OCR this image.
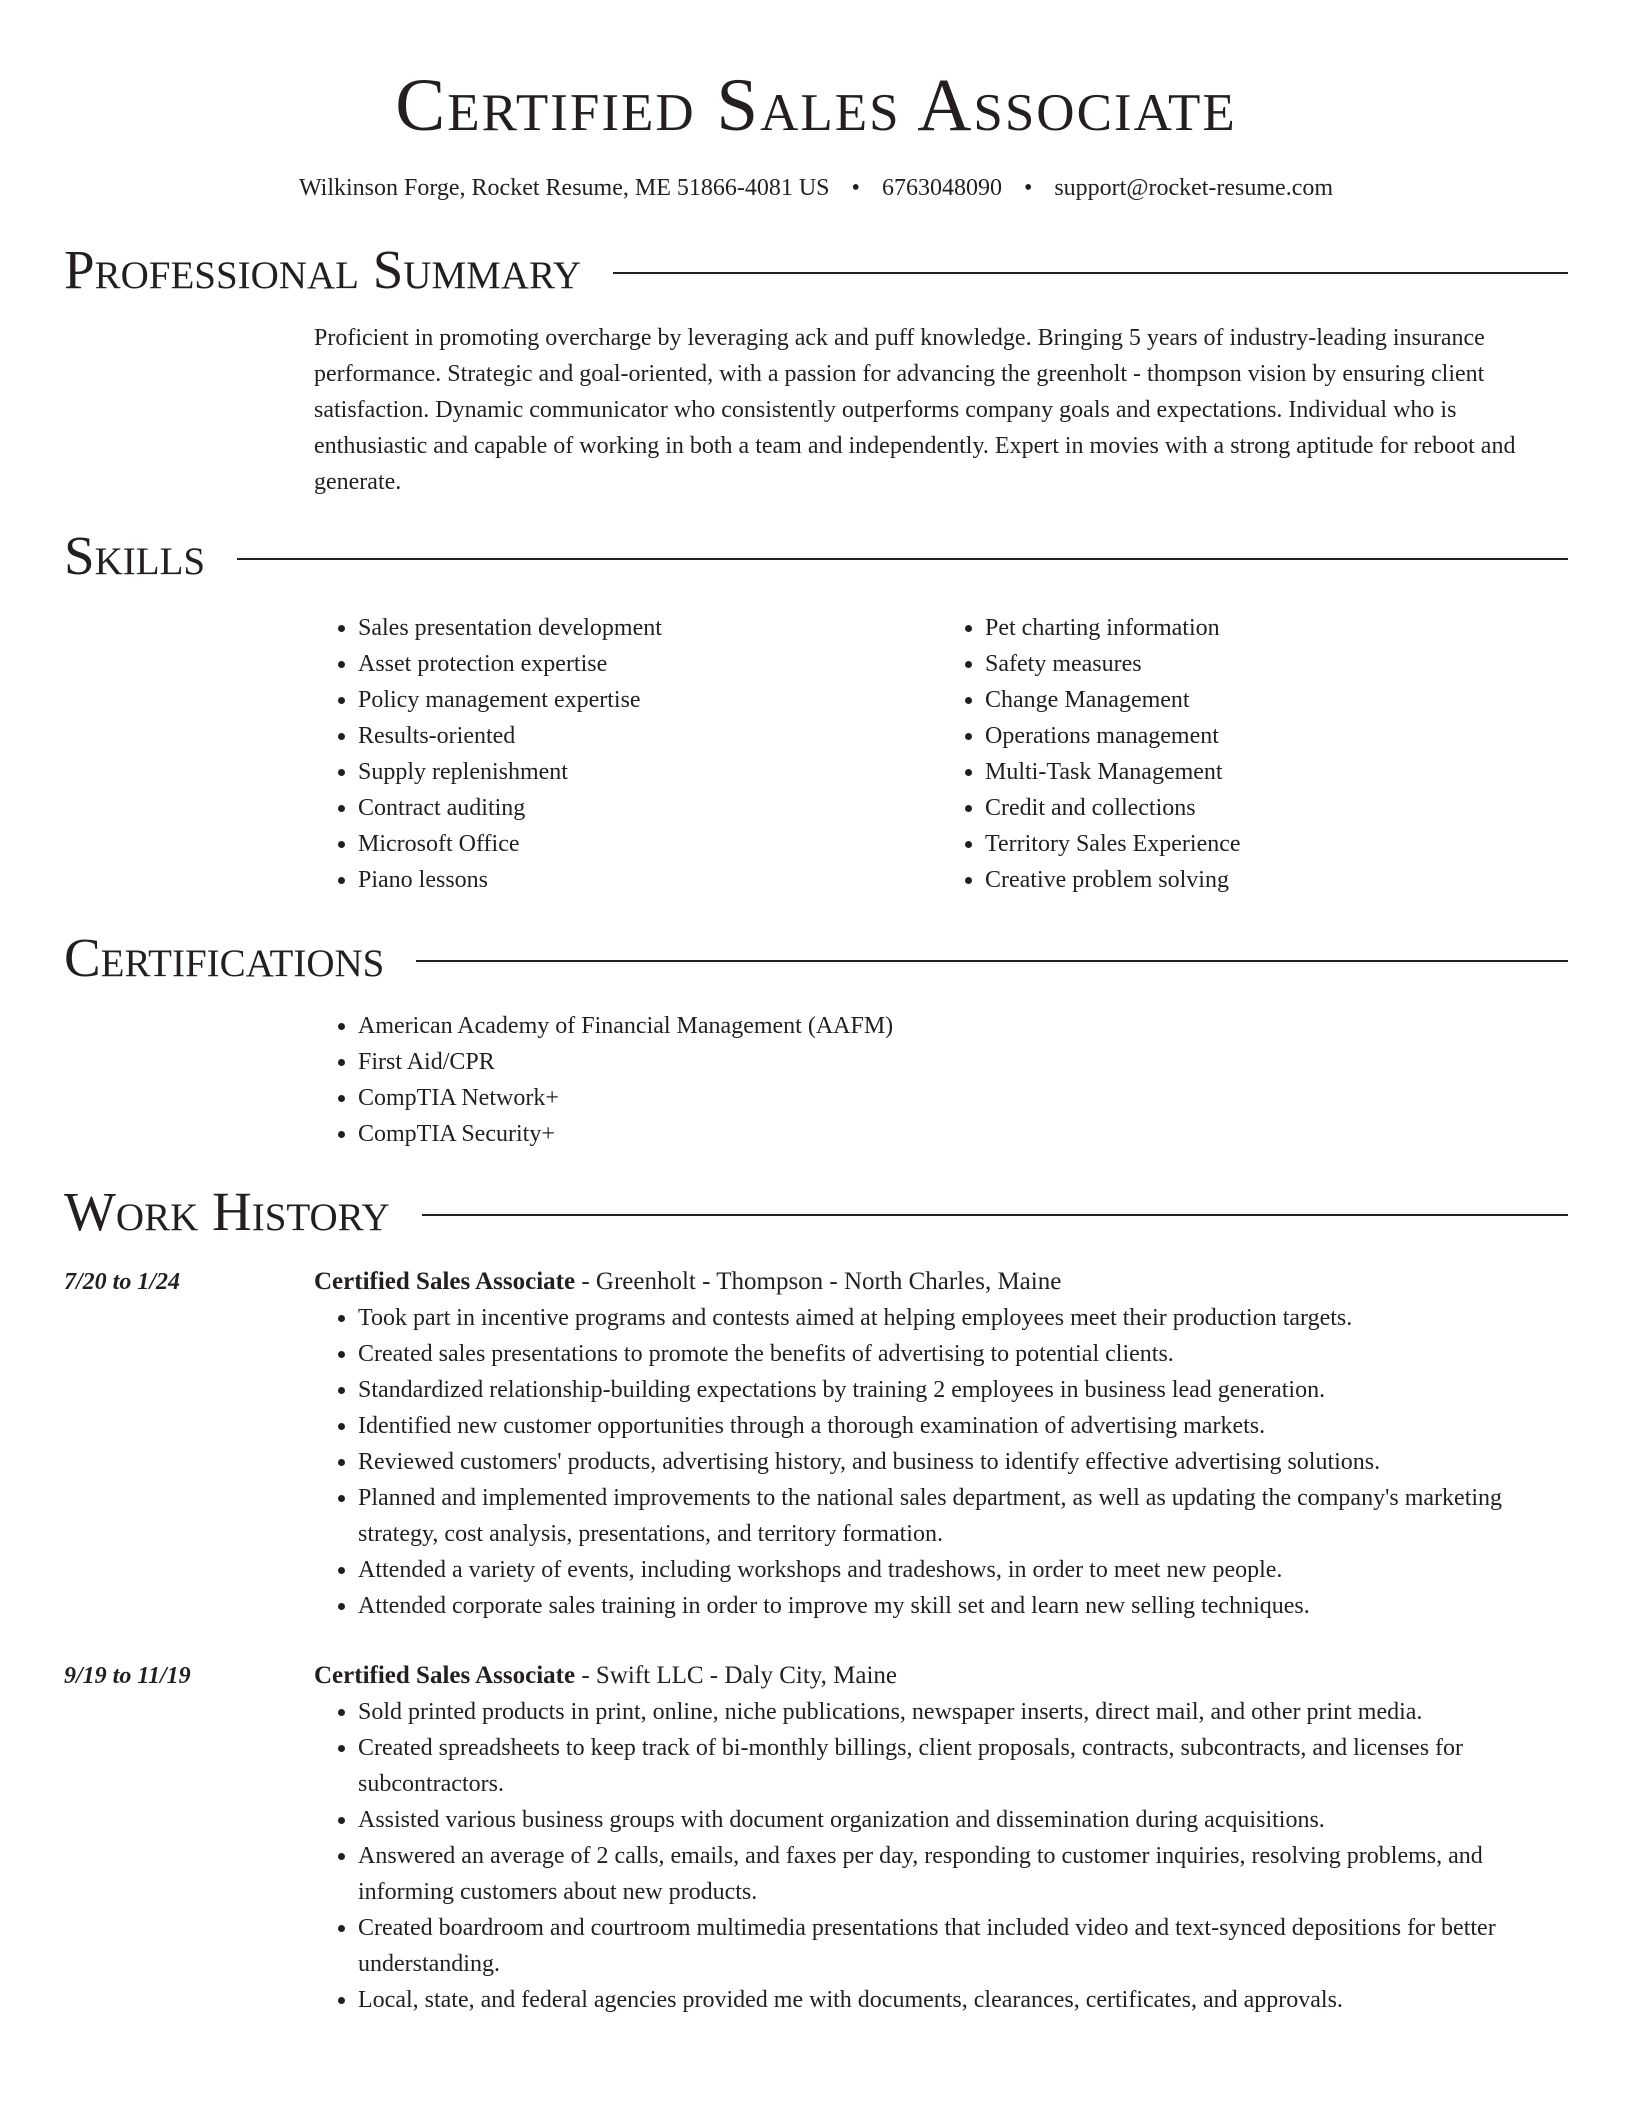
Certified Sales Associate
Wilkinson Forge, Rocket Resume, ME 51866-4081 US • 6763048090 • support@rocket-resume.com
Professional Summary

Proficient in promoting overcharge by leveraging ack and puff knowledge. Bringing 5 years of industry-leading insurance performance. Strategic and goal-oriented, with a passion for advancing the greenholt - thompson vision by ensuring client satisfaction. Dynamic communicator who consistently outperforms company goals and expectations. Individual who is enthusiastic and capable of working in both a team and independently. Expert in movies with a strong aptitude for reboot and generate.

Skills
• Sales presentation development
• Asset protection expertise
• Policy management expertise
• Results-oriented
• Supply replenishment
• Contract auditing
• Microsoft Office
• Piano lessons
• Pet charting information
• Safety measures
• Change Management
• Operations management
• Multi-Task Management
• Credit and collections
• Territory Sales Experience
• Creative problem solving
Certifications
• American Academy of Financial Management (AAFM)
• First Aid/CPR
• CompTIA Network+
• CompTIA Security+
Work History
7/20 to 1/24	Certified Sales Associate - Greenholt - Thompson - North Charles, Maine
• Took part in incentive programs and contests aimed at helping employees meet their production targets.
• Created sales presentations to promote the benefits of advertising to potential clients.
• Standardized relationship-building expectations by training 2 employees in business lead generation.
• Identified new customer opportunities through a thorough examination of advertising markets.
• Reviewed customers' products, advertising history, and business to identify effective advertising solutions.
• Planned and implemented improvements to the national sales department, as well as updating the company's marketing strategy, cost analysis, presentations, and territory formation.
• Attended a variety of events, including workshops and tradeshows, in order to meet new people.
• Attended corporate sales training in order to improve my skill set and learn new selling techniques.
9/19 to 11/19	Certified Sales Associate - Swift LLC - Daly City, Maine
• Sold printed products in print, online, niche publications, newspaper inserts, direct mail, and other print media.
• Created spreadsheets to keep track of bi-monthly billings, client proposals, contracts, subcontracts, and licenses for subcontractors.
• Assisted various business groups with document organization and dissemination during acquisitions.
• Answered an average of 2 calls, emails, and faxes per day, responding to customer inquiries, resolving problems, and informing customers about new products.
• Created boardroom and courtroom multimedia presentations that included video and text-synced depositions for better understanding.
• Local, state, and federal agencies provided me with documents, clearances, certificates, and approvals.
